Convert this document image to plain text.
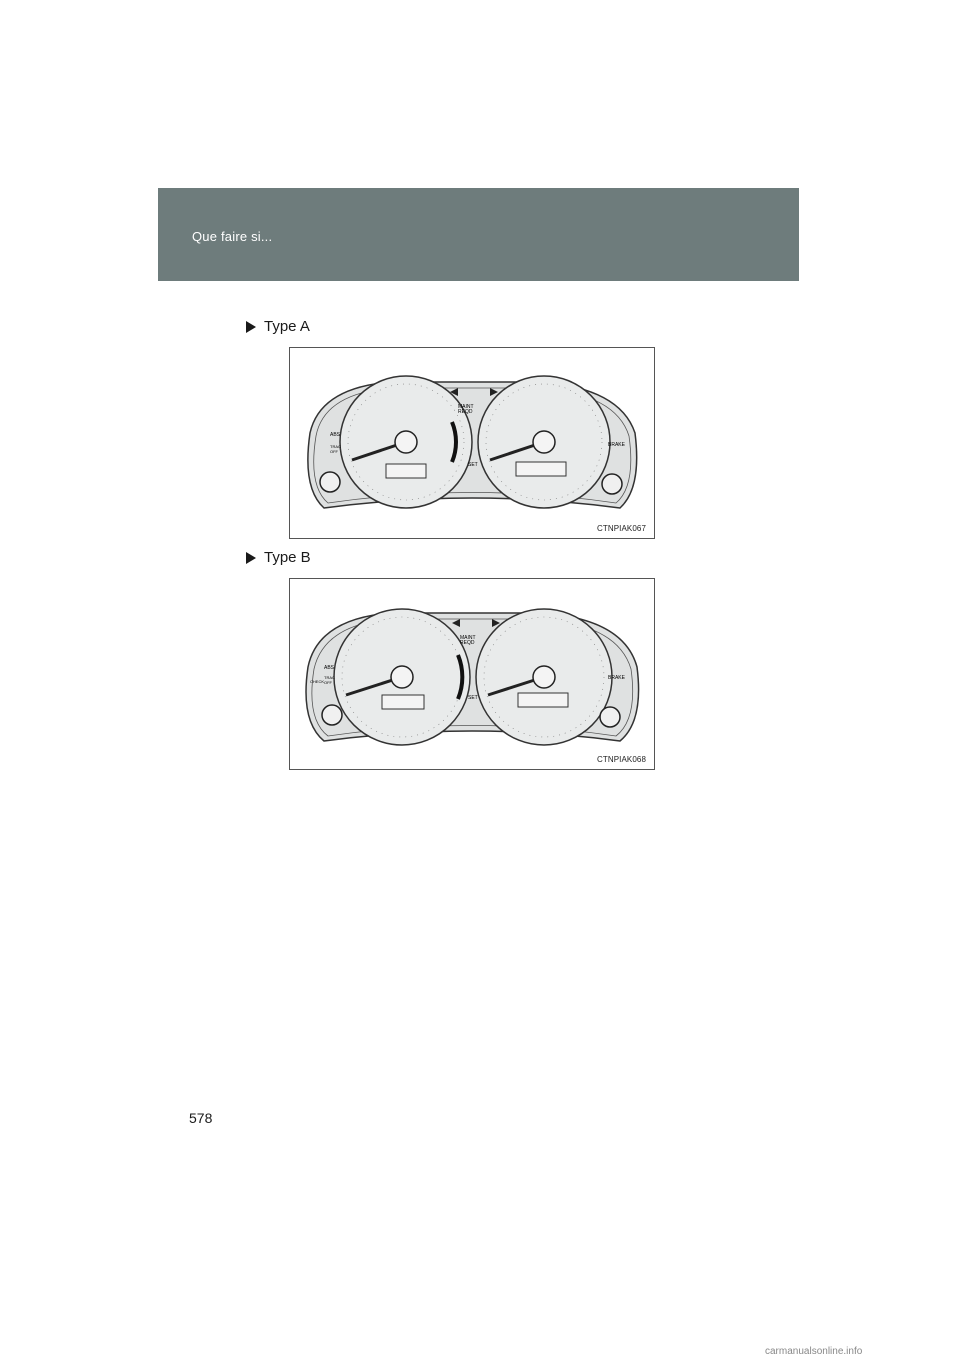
Que faire si...
Type A
MAINT
REQD
ABS
TRAC
OFF
BRAKE
SET
CTNPIAK067
Type B
MAINT
REQD
ABS
TRAC
OFF
CHECK
BRAKE
SET
CTNPIAK068
578
carmanualsonline.info
